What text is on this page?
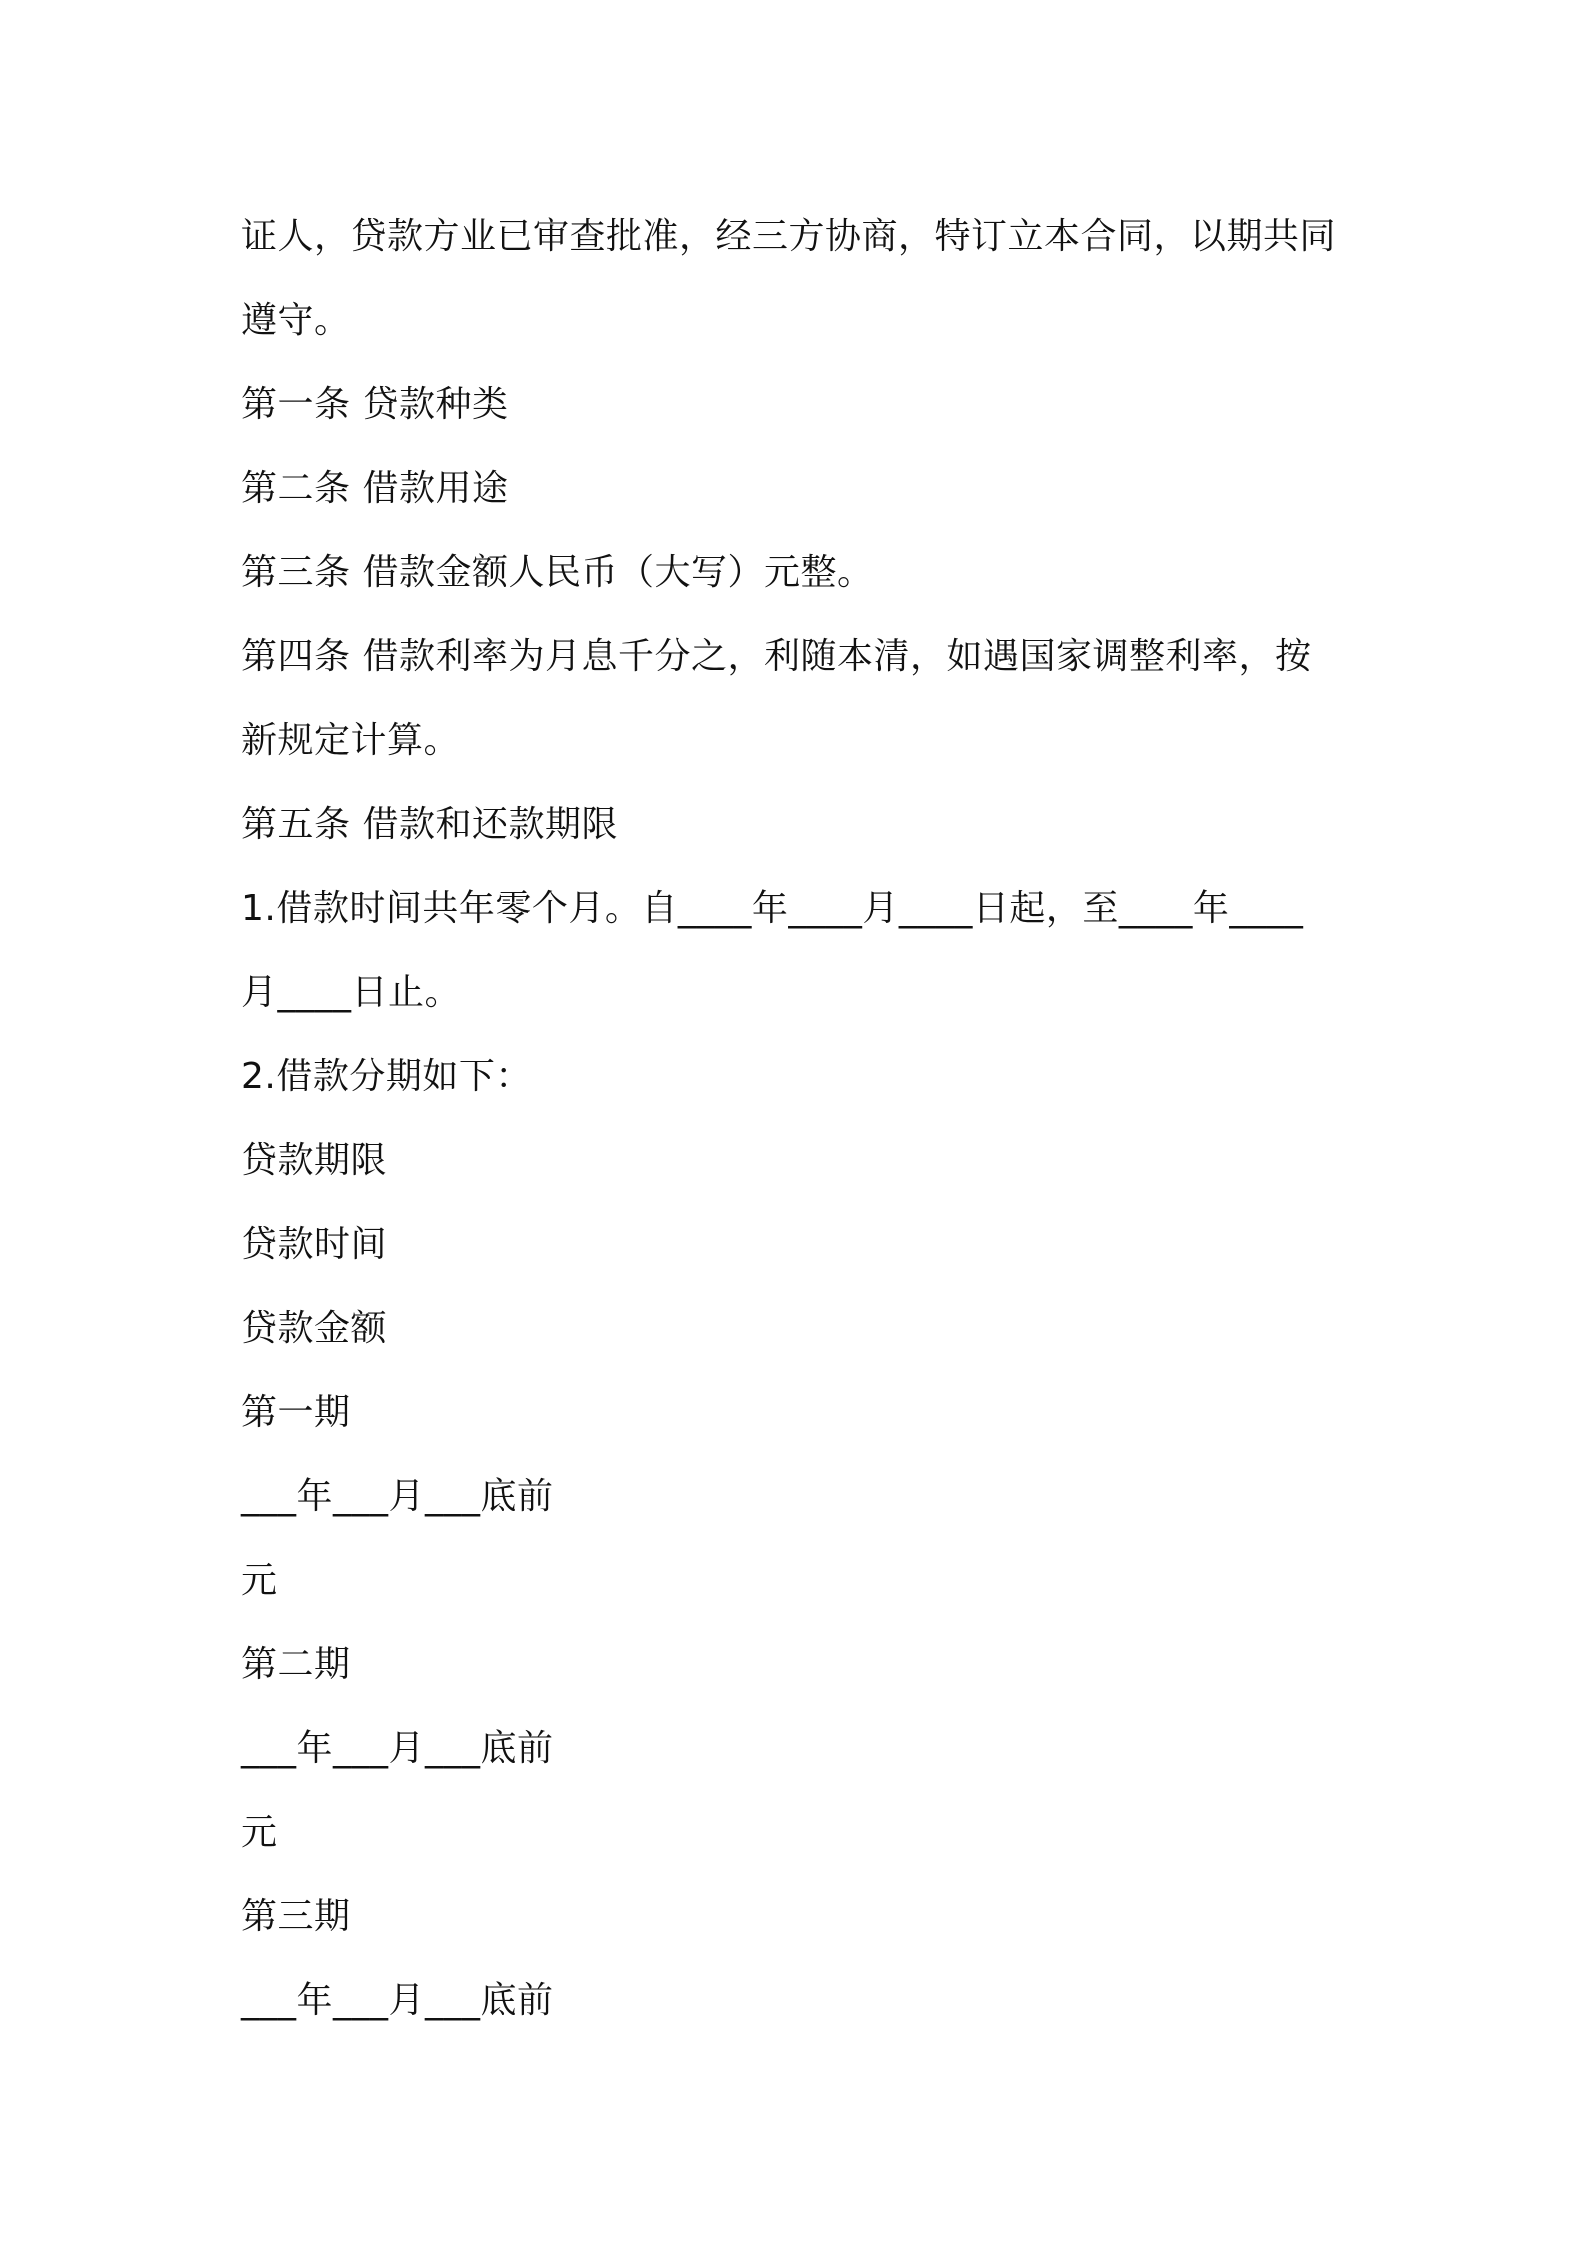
证人，贷款方业已审查批准，经三方协商，特订立本合同，以期共同
遵守。
第一条 贷款种类
第二条 借款用途
第三条 借款金额人民币（大写）元整。
第四条 借款利率为月息千分之，利随本清，如遇国家调整利率，按
新规定计算。
第五条 借款和还款期限
1.借款时间共年零个月。自____年____月____日起，至____年____
月____日止。
2.借款分期如下：
贷款期限
贷款时间
贷款金额
第一期
___年___月___底前
元
第二期
___年___月___底前
元
第三期
___年___月___底前
